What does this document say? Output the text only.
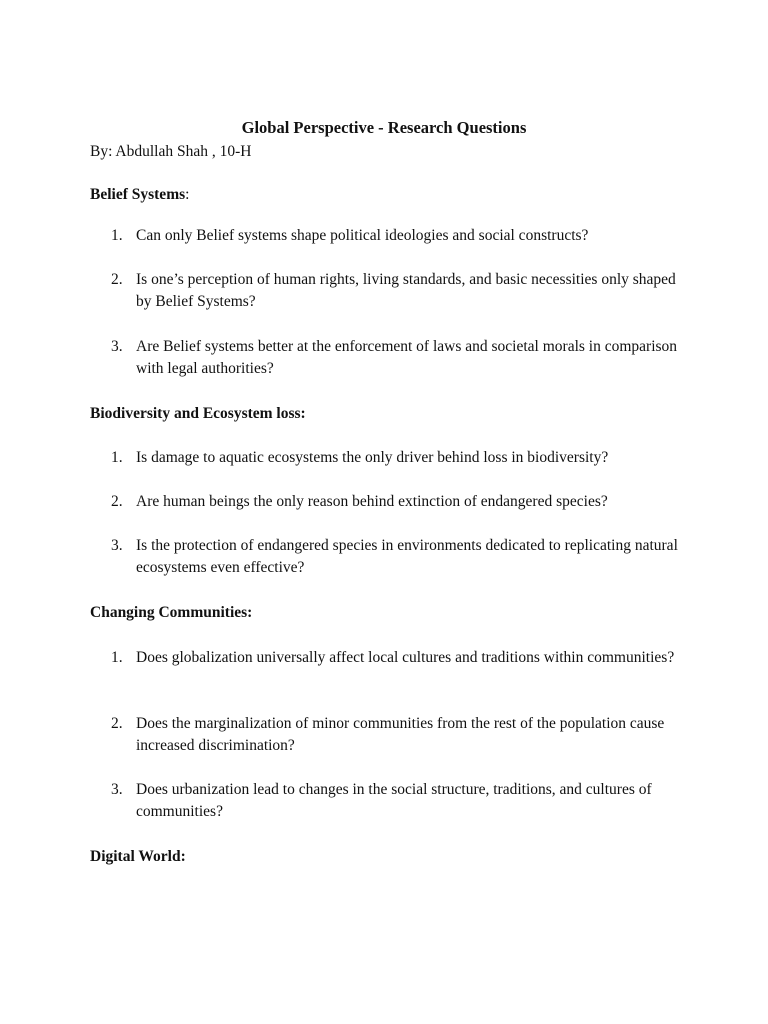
Global Perspective - Research Questions

By: Abdullah Shah , 10-H

Belief Systems:

1. Can only Belief systems shape political ideologies and social constructs?
2. Is one’s perception of human rights, living standards, and basic necessities only shaped by Belief Systems?
3. Are Belief systems better at the enforcement of laws and societal morals in comparison with legal authorities?

Biodiversity and Ecosystem loss:

1. Is damage to aquatic ecosystems the only driver behind loss in biodiversity?
2. Are human beings the only reason behind extinction of endangered species?
3. Is the protection of endangered species in environments dedicated to replicating natural ecosystems even effective?

Changing Communities:

1. Does globalization universally affect local cultures and traditions within communities?
2. Does the marginalization of minor communities from the rest of the population cause increased discrimination?
3. Does urbanization lead to changes in the social structure, traditions, and cultures of communities?

Digital World:
